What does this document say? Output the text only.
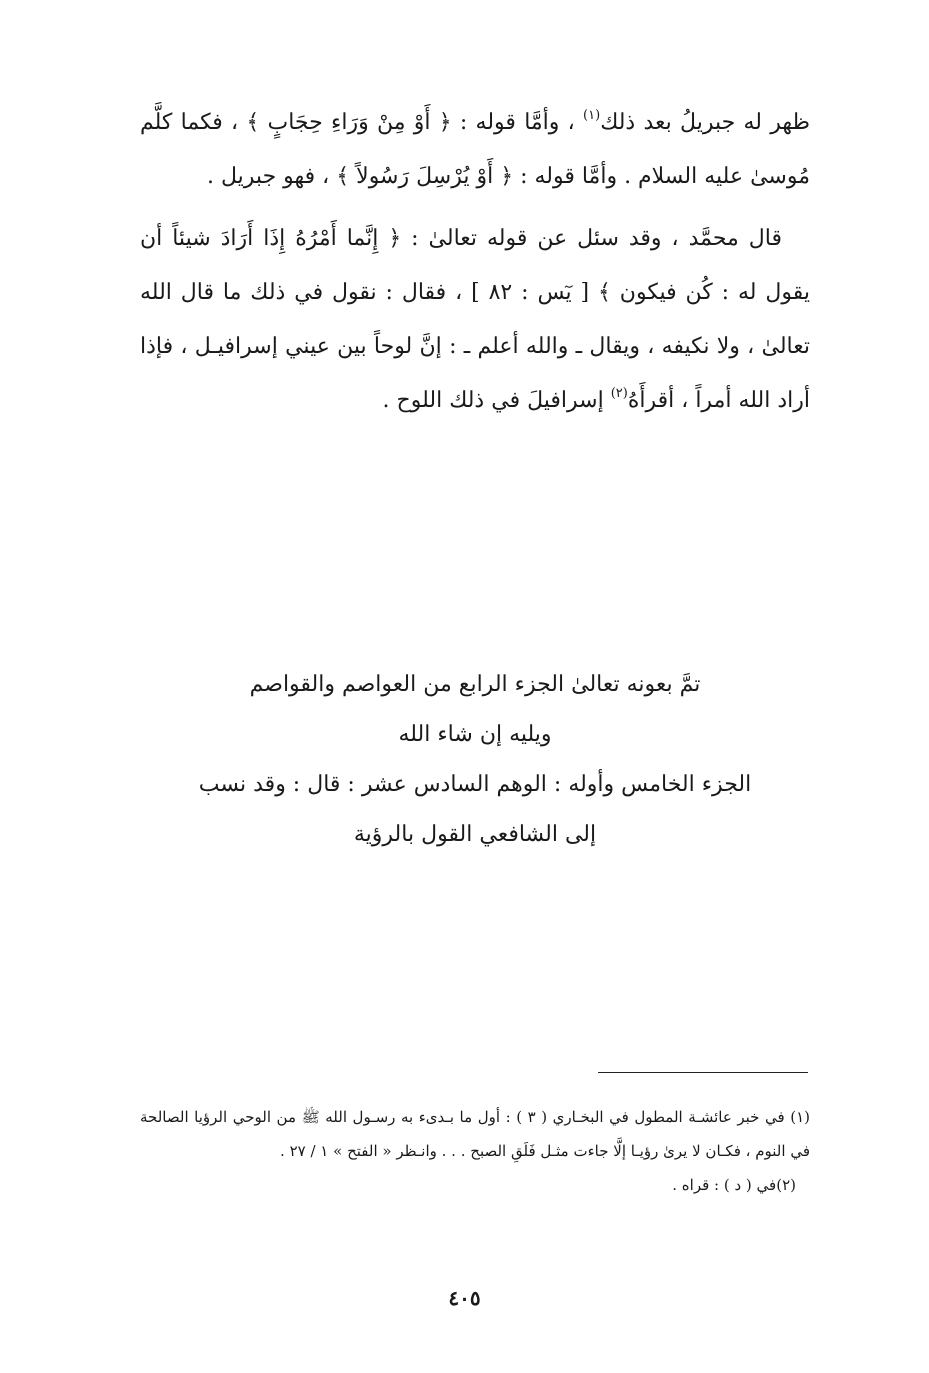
ظهر له جبريلُ بعد ذلك$^{(١)}$ ، وأمَّا قوله : ﴿ أَوْ مِنْ وَرَاءِ حِجَابٍ ﴾ ، فكما كلَّم مُوسىٰ عليه السلام . وأمَّا قوله : ﴿ أَوْ يُرْسِلَ رَسُولاً ﴾ ، فهو جبريل .

قال محمَّد ، وقد سئل عن قوله تعالىٰ : ﴿ إِنَّما أَمْرُهُ إِذَا أَرَادَ شيئاً أن يقول له : كُن فيكون ﴾ [ يٓس : ٨٢ ] ، فقال : نقول في ذلك ما قال الله تعالىٰ ، ولا نكيفه ، ويقال ـ والله أعلم ـ : إنَّ لوحاً بين عيني إسرافيـل ، فإذا أراد الله أمراً ، أقرأَهُ$^{(٢)}$ إسرافيلَ في ذلك اللوح .

تمَّ بعونه تعالىٰ الجزء الرابع من العواصم والقواصم
ويليه إن شاء الله
الجزء الخامس وأوله : الوهم السادس عشر : قال : وقد نسب
إلى الشافعي القول بالرؤية

(١) في خبر عائشـة المطول في البخـاري ( ٣ ) : أول ما بـدىء به رسـول الله ﷺ من الوحي الرؤيا الصالحة في النوم ، فكـان لا يرىٰ رؤيـا إلَّا جاءت مثـل فَلَقِ الصبح . . . وانـظر « الفتح » ١ / ٢٧ .

(٢)في ( د ) : قراه .

٤٠٥
